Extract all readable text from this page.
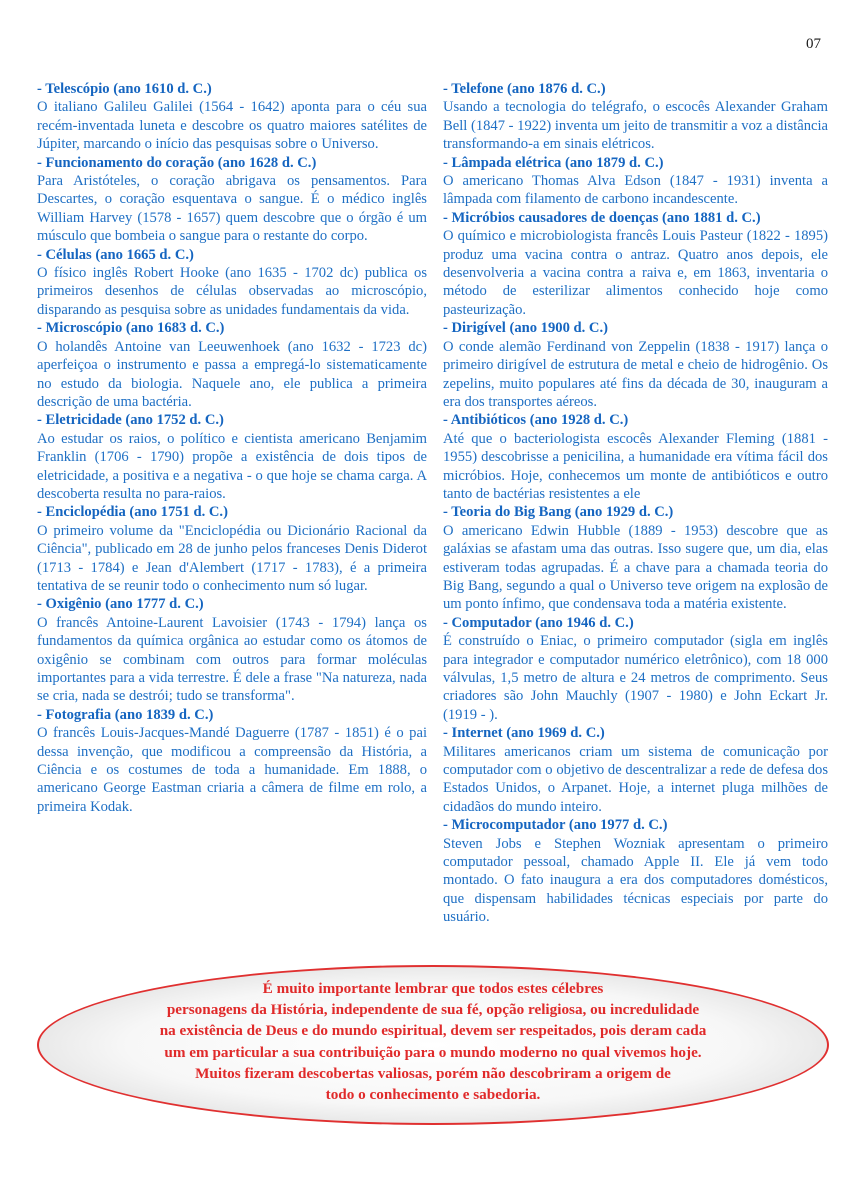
07

- Telescópio (ano 1610 d. C.)

O italiano Galileu Galilei (1564 - 1642) aponta para o céu sua recém-inventada luneta e descobre os quatro maiores satélites de Júpiter, marcando o início das pesquisas sobre o Universo.

- Funcionamento do coração (ano 1628 d. C.)

Para Aristóteles, o coração abrigava os pensamentos. Para Descartes, o coração esquentava o sangue. É o médico inglês William Harvey (1578 - 1657) quem descobre que o órgão é um músculo que bombeia o sangue para o restante do corpo.

- Células (ano 1665 d. C.)

O físico inglês Robert Hooke (ano 1635 - 1702 dc) publica os primeiros desenhos de células observadas ao microscópio, disparando as pesquisa sobre as unidades fundamentais da vida.

- Microscópio (ano 1683 d. C.)

O holandês Antoine van Leeuwenhoek (ano 1632 - 1723 dc) aperfeiçoa o instrumento e passa a empregá-lo sistematicamente no estudo da biologia. Naquele ano, ele publica a primeira descrição de uma bactéria.

- Eletricidade (ano 1752 d. C.)

Ao estudar os raios, o político e cientista americano Benjamim Franklin (1706 - 1790) propõe a existência de dois tipos de eletricidade, a positiva e a negativa - o que hoje se chama carga. A descoberta resulta no para-raios.

- Enciclopédia (ano 1751 d. C.)

O primeiro volume da "Enciclopédia ou Dicionário Racional da Ciência", publicado em 28 de junho pelos franceses Denis Diderot (1713 - 1784) e Jean d'Alembert (1717 - 1783), é a primeira tentativa de se reunir todo o conhecimento num só lugar.

- Oxigênio (ano 1777 d. C.)

O francês Antoine-Laurent Lavoisier (1743 - 1794) lança os fundamentos da química orgânica ao estudar como os átomos de oxigênio se combinam com outros para formar moléculas importantes para a vida terrestre. É dele a frase "Na natureza, nada se cria, nada se destrói; tudo se transforma".

- Fotografia (ano 1839 d. C.)

O francês Louis-Jacques-Mandé Daguerre (1787 - 1851) é o pai dessa invenção, que modificou a compreensão da História, a Ciência e os costumes de toda a humanidade. Em 1888, o americano George Eastman criaria a câmera de filme em rolo, a primeira Kodak.

- Telefone (ano 1876 d. C.)

Usando a tecnologia do telégrafo, o escocês Alexander Graham Bell (1847 - 1922) inventa um jeito de transmitir a voz a distância transformando-a em sinais elétricos.

- Lâmpada elétrica (ano 1879 d. C.)

O americano Thomas Alva Edson (1847 - 1931) inventa a lâmpada com filamento de carbono incandescente.

- Micróbios causadores de doenças (ano 1881 d. C.)

O químico e microbiologista francês Louis Pasteur (1822 - 1895) produz uma vacina contra o antraz. Quatro anos depois, ele desenvolveria a vacina contra a raiva e, em 1863, inventaria o método de esterilizar alimentos conhecido hoje como pasteurização.

- Dirigível (ano 1900 d. C.)

O conde alemão Ferdinand von Zeppelin (1838 - 1917) lança o primeiro dirigível de estrutura de metal e cheio de hidrogênio. Os zepelins, muito populares até fins da década de 30, inauguram a era dos transportes aéreos.

- Antibióticos (ano 1928 d. C.)

Até que o bacteriologista escocês Alexander Fleming (1881 - 1955) descobrisse a penicilina, a humanidade era vítima fácil dos micróbios. Hoje, conhecemos um monte de antibióticos e outro tanto de bactérias resistentes a ele

- Teoria do Big Bang (ano 1929 d. C.)

O americano Edwin Hubble (1889 - 1953) descobre que as galáxias se afastam uma das outras. Isso sugere que, um dia, elas estiveram todas agrupadas. É a chave para a chamada teoria do Big Bang, segundo a qual o Universo teve origem na explosão de um ponto ínfimo, que condensava toda a matéria existente.

- Computador (ano 1946 d. C.)

É construído o Eniac, o primeiro computador (sigla em inglês para integrador e computador numérico eletrônico), com 18 000 válvulas, 1,5 metro de altura e 24 metros de comprimento. Seus criadores são John Mauchly (1907 - 1980) e John Eckart Jr. (1919 - ).

- Internet (ano 1969 d. C.)

Militares americanos criam um sistema de comunicação por computador com o objetivo de descentralizar a rede de defesa dos Estados Unidos, o Arpanet. Hoje, a internet pluga milhões de cidadãos do mundo inteiro.

- Microcomputador (ano 1977 d. C.)

Steven Jobs e Stephen Wozniak apresentam o primeiro computador pessoal, chamado Apple II. Ele já vem todo montado. O fato inaugura a era dos computadores domésticos, que dispensam habilidades técnicas especiais por parte do usuário.

É muito importante lembrar que todos estes célebres
personagens da História, independente de sua fé, opção religiosa, ou incredulidade
na existência de Deus e do mundo espiritual, devem ser respeitados, pois deram cada
um em particular a sua contribuição para o mundo moderno no qual vivemos hoje.
Muitos fizeram descobertas valiosas, porém não descobriram a origem de
todo o conhecimento e sabedoria.
